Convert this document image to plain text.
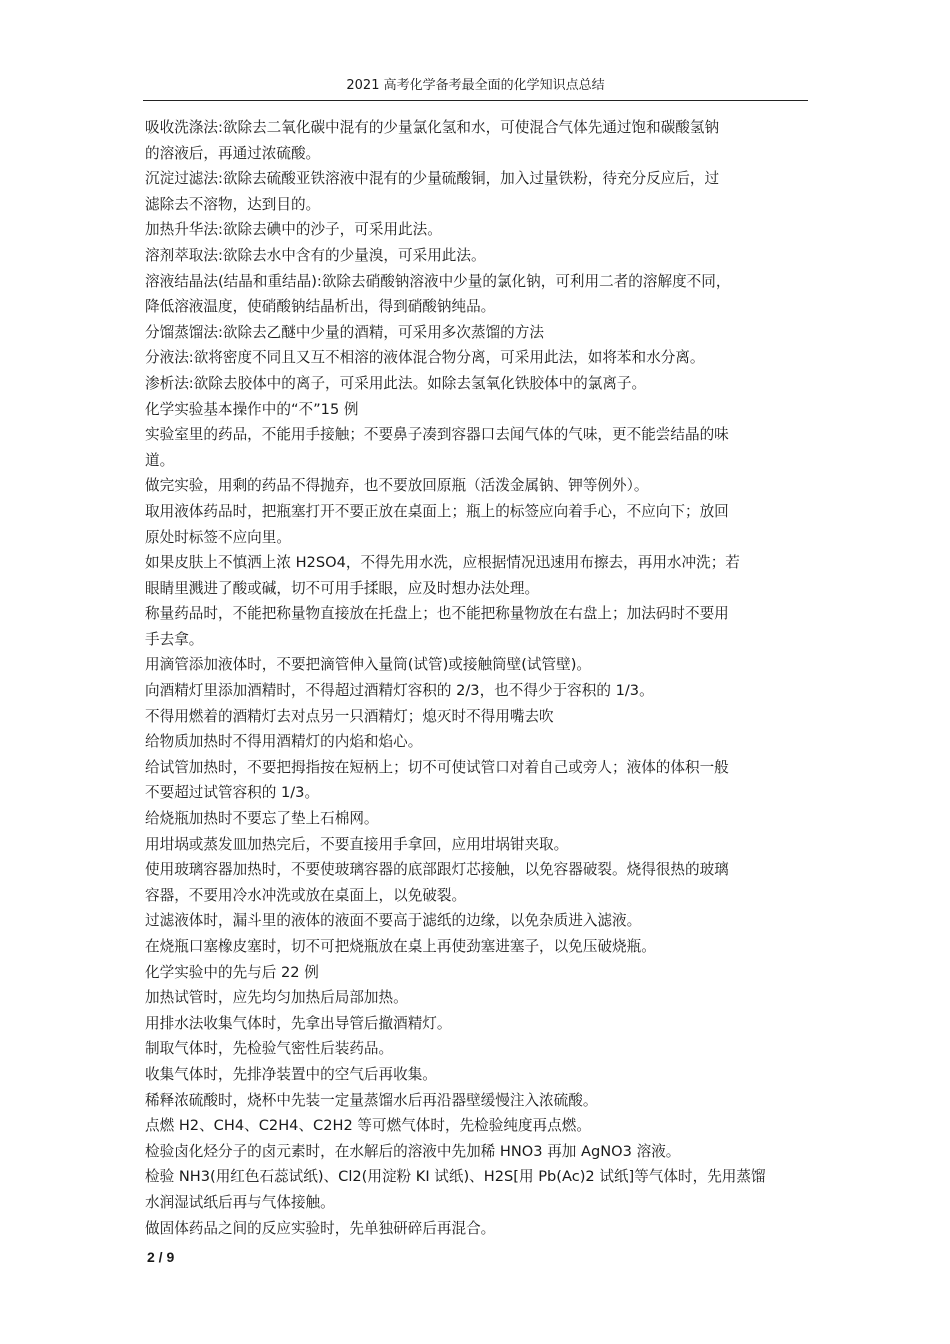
2021 高考化学备考最全面的化学知识点总结
吸收洗涤法:欲除去二氧化碳中混有的少量氯化氢和水，可使混合气体先通过饱和碳酸氢钠
的溶液后，再通过浓硫酸。
沉淀过滤法:欲除去硫酸亚铁溶液中混有的少量硫酸铜，加入过量铁粉，待充分反应后，过
滤除去不溶物，达到目的。
加热升华法:欲除去碘中的沙子，可采用此法。
溶剂萃取法:欲除去水中含有的少量溴，可采用此法。
溶液结晶法(结晶和重结晶):欲除去硝酸钠溶液中少量的氯化钠，可利用二者的溶解度不同，
降低溶液温度，使硝酸钠结晶析出，得到硝酸钠纯品。
分馏蒸馏法:欲除去乙醚中少量的酒精，可采用多次蒸馏的方法
分液法:欲将密度不同且又互不相溶的液体混合物分离，可采用此法，如将苯和水分离。
渗析法:欲除去胶体中的离子，可采用此法。如除去氢氧化铁胶体中的氯离子。
化学实验基本操作中的“不”15 例
实验室里的药品，不能用手接触；不要鼻子凑到容器口去闻气体的气味，更不能尝结晶的味
道。
做完实验，用剩的药品不得抛弃，也不要放回原瓶（活泼金属钠、钾等例外）。
取用液体药品时，把瓶塞打开不要正放在桌面上；瓶上的标签应向着手心，不应向下；放回
原处时标签不应向里。
如果皮肤上不慎洒上浓 H2SO4，不得先用水洗，应根据情况迅速用布擦去，再用水冲洗；若
眼睛里溅进了酸或碱，切不可用手揉眼，应及时想办法处理。
称量药品时，不能把称量物直接放在托盘上；也不能把称量物放在右盘上；加法码时不要用
手去拿。
用滴管添加液体时，不要把滴管伸入量筒(试管)或接触筒壁(试管壁)。
向酒精灯里添加酒精时，不得超过酒精灯容积的 2/3，也不得少于容积的 1/3。
不得用燃着的酒精灯去对点另一只酒精灯；熄灭时不得用嘴去吹
给物质加热时不得用酒精灯的内焰和焰心。
给试管加热时，不要把拇指按在短柄上；切不可使试管口对着自己或旁人；液体的体积一般
不要超过试管容积的 1/3。
给烧瓶加热时不要忘了垫上石棉网。
用坩埚或蒸发皿加热完后，不要直接用手拿回，应用坩埚钳夹取。
使用玻璃容器加热时，不要使玻璃容器的底部跟灯芯接触，以免容器破裂。烧得很热的玻璃
容器，不要用冷水冲洗或放在桌面上，以免破裂。
过滤液体时，漏斗里的液体的液面不要高于滤纸的边缘，以免杂质进入滤液。
在烧瓶口塞橡皮塞时，切不可把烧瓶放在桌上再使劲塞进塞子，以免压破烧瓶。
化学实验中的先与后 22 例
加热试管时，应先均匀加热后局部加热。
用排水法收集气体时，先拿出导管后撤酒精灯。
制取气体时，先检验气密性后装药品。
收集气体时，先排净装置中的空气后再收集。
稀释浓硫酸时，烧杯中先装一定量蒸馏水后再沿器壁缓慢注入浓硫酸。
点燃 H2、CH4、C2H4、C2H2 等可燃气体时，先检验纯度再点燃。
检验卤化烃分子的卤元素时，在水解后的溶液中先加稀 HNO3 再加 AgNO3 溶液。
检验 NH3(用红色石蕊试纸)、Cl2(用淀粉 KI 试纸)、H2S[用 Pb(Ac)2 试纸]等气体时，先用蒸馏
水润湿试纸后再与气体接触。
做固体药品之间的反应实验时，先单独研碎后再混合。
2 / 9
